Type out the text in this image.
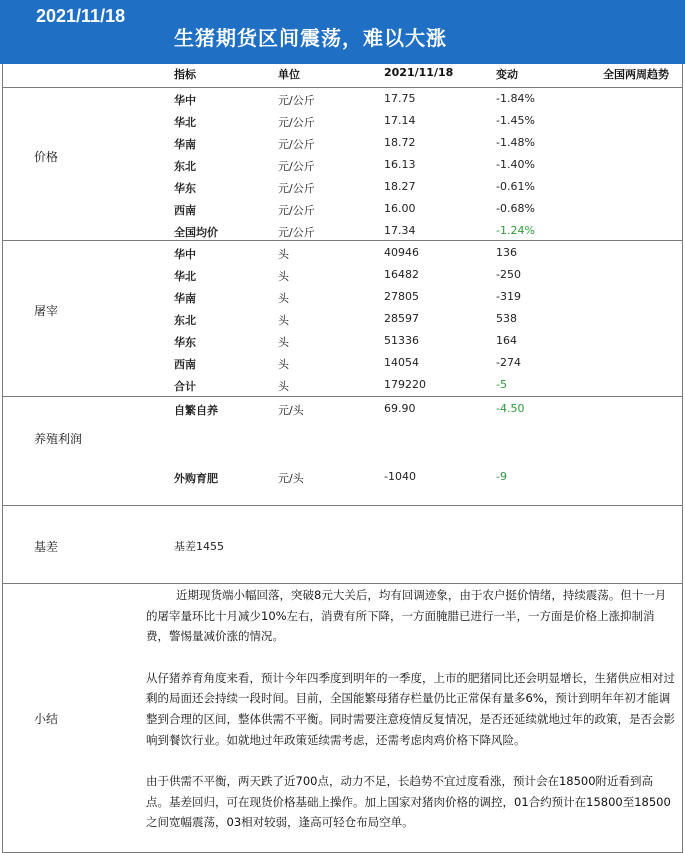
2021/11/18
生猪期货区间震荡，难以大涨
指标	单位	2021/11/18	变动	全国两周趋势
价格
华中	元/公斤	17.75	-1.84%
华北	元/公斤	17.14	-1.45%
华南	元/公斤	18.72	-1.48%
东北	元/公斤	16.13	-1.40%
华东	元/公斤	18.27	-0.61%
西南	元/公斤	16.00	-0.68%
全国均价	元/公斤	17.34	-1.24%
屠宰
华中	头	40946	136
华北	头	16482	-250
华南	头	27805	-319
东北	头	28597	538
华东	头	51336	164
西南	头	14054	-274
合计	头	179220	-5
养殖利润
自繁自养	元/头	69.90	-4.50
外购育肥	元/头	-1040	-9
基差	基差1455
小结

近期现货端小幅回落，突破8元大关后，均有回调迹象，由于农户挺价情绪，持续震荡。但十一月的屠宰量环比十月减少10%左右，消费有所下降，一方面腌腊已进行一半，一方面是价格上涨抑制消费，警惕量减价涨的情况。

从仔猪养育角度来看，预计今年四季度到明年的一季度，上市的肥猪同比还会明显增长，生猪供应相对过剩的局面还会持续一段时间。目前，全国能繁母猪存栏量仍比正常保有量多6%，预计到明年年初才能调整到合理的区间，整体供需不平衡。同时需要注意疫情反复情况，是否还延续就地过年的政策，是否会影响到餐饮行业。如就地过年政策延续需考虑，还需考虑肉鸡价格下降风险。

由于供需不平衡，两天跌了近700点，动力不足，长趋势不宜过度看涨，预计会在18500附近看到高点。基差回归，可在现货价格基础上操作。加上国家对猪肉价格的调控，01合约预计在15800至18500之间宽幅震荡，03相对较弱，逢高可轻仓布局空单。
